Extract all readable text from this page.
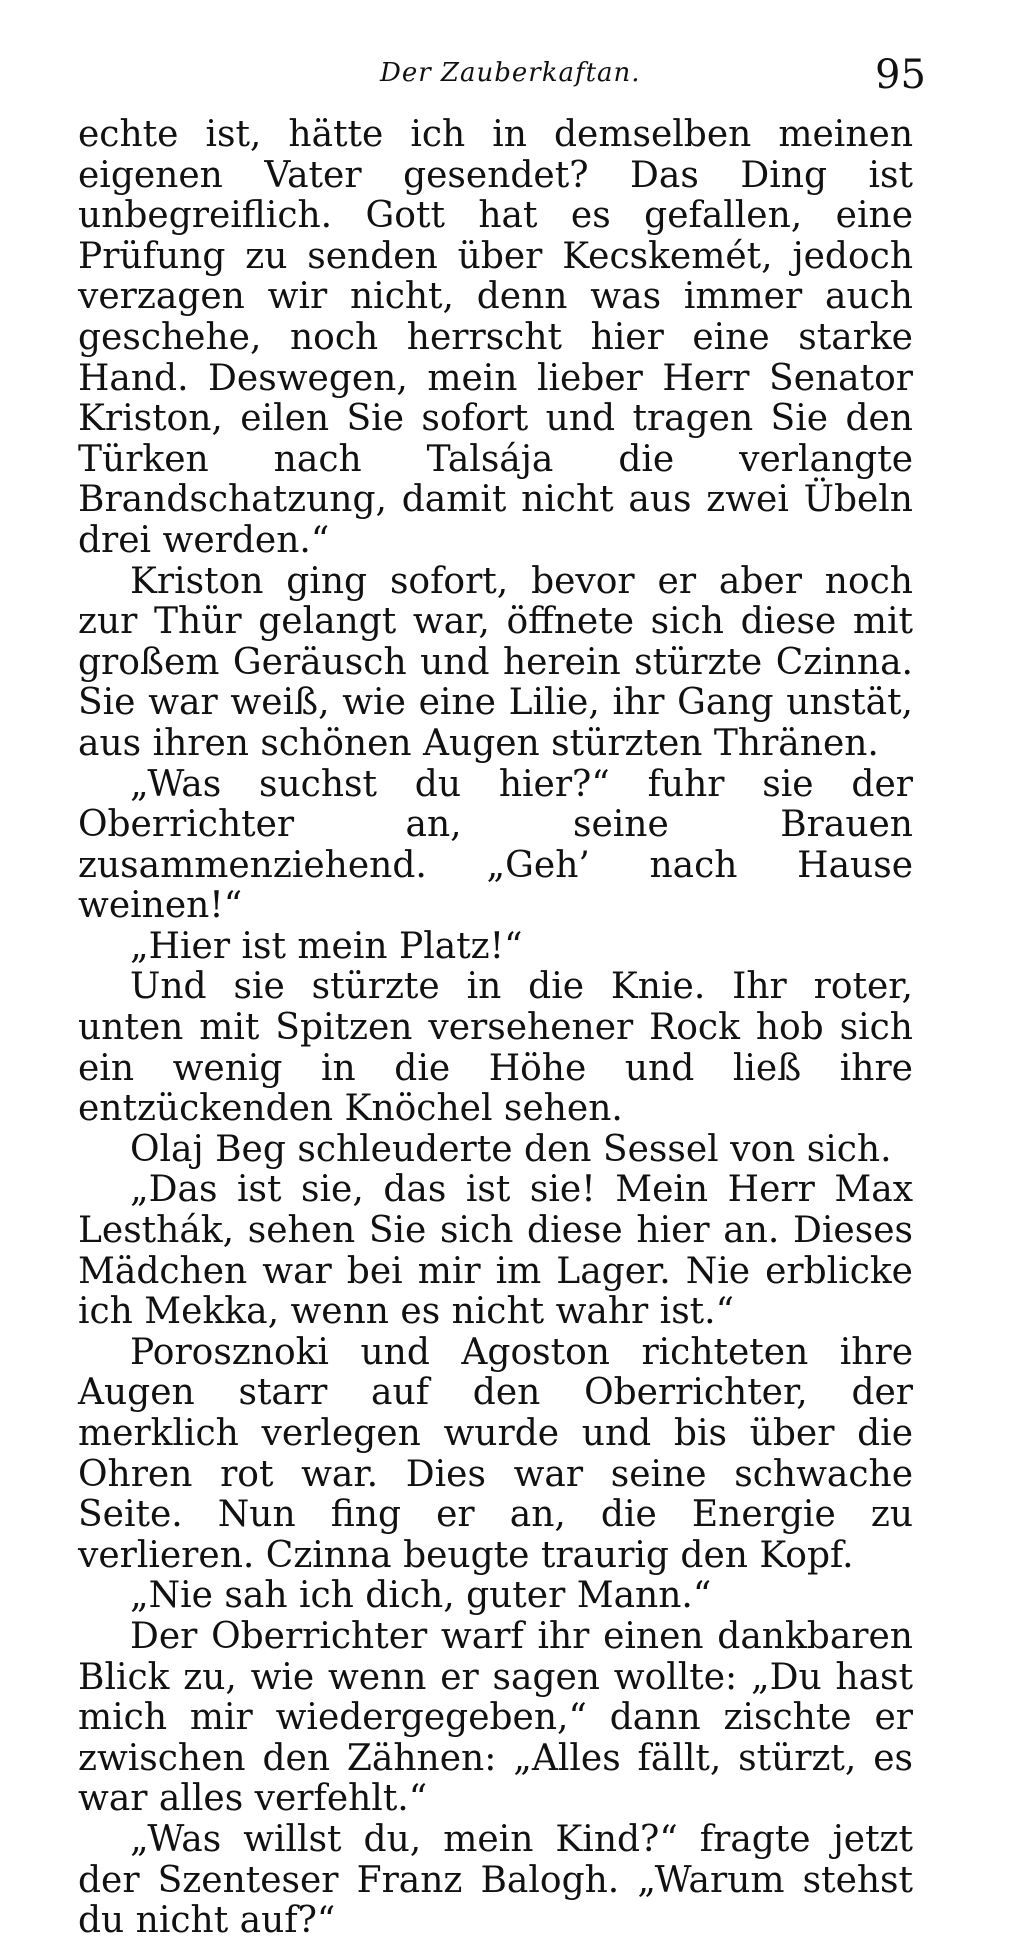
Der Zauberkaftan.	95

echte ist, hätte ich in demselben meinen eigenen Vater gesendet? Das Ding ist unbegreiflich. Gott hat es gefallen, eine Prüfung zu senden über Kecskemét, jedoch verzagen wir nicht, denn was immer auch geschehe, noch herrscht hier eine starke Hand. Deswegen, mein lieber Herr Senator Kriston, eilen Sie sofort und tragen Sie den Türken nach Talsája die verlangte Brandschatzung, damit nicht aus zwei Übeln drei werden.“

Kriston ging sofort, bevor er aber noch zur Thür gelangt war, öffnete sich diese mit großem Geräusch und herein stürzte Czinna. Sie war weiß, wie eine Lilie, ihr Gang unstät, aus ihren schönen Augen stürzten Thränen.

„Was suchst du hier?“ fuhr sie der Oberrichter an, seine Brauen zusammenziehend. „Geh’ nach Hause weinen!“

„Hier ist mein Platz!“

Und sie stürzte in die Knie. Ihr roter, unten mit Spitzen versehener Rock hob sich ein wenig in die Höhe und ließ ihre entzückenden Knöchel sehen.

Olaj Beg schleuderte den Sessel von sich.

„Das ist sie, das ist sie! Mein Herr Max Lesthák, sehen Sie sich diese hier an. Dieses Mädchen war bei mir im Lager. Nie erblicke ich Mekka, wenn es nicht wahr ist.“

Porosznoki und Agoston richteten ihre Augen starr auf den Oberrichter, der merklich verlegen wurde und bis über die Ohren rot war. Dies war seine schwache Seite. Nun fing er an, die Energie zu verlieren. Czinna beugte traurig den Kopf.

„Nie sah ich dich, guter Mann.“

Der Oberrichter warf ihr einen dankbaren Blick zu, wie wenn er sagen wollte: „Du hast mich mir wiedergegeben,“ dann zischte er zwischen den Zähnen: „Alles fällt, stürzt, es war alles verfehlt.“

„Was willst du, mein Kind?“ fragte jetzt der Szenteser Franz Balogh. „Warum stehst du nicht auf?“
